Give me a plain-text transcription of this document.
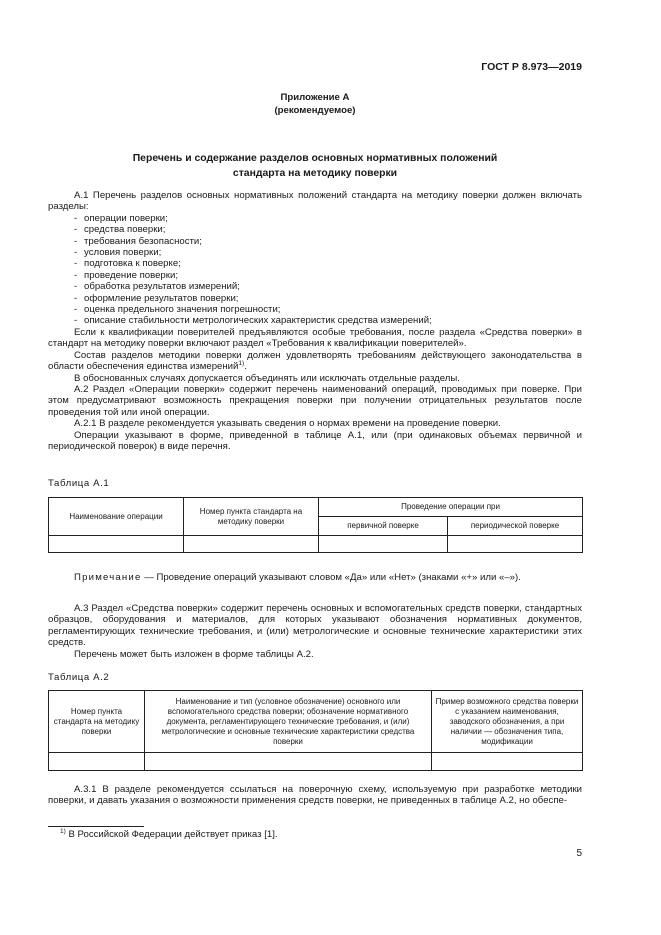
ГОСТ Р 8.973—2019
Приложение А
(рекомендуемое)
Перечень и содержание разделов основных нормативных положений
стандарта на методику поверки

А.1 Перечень разделов основных нормативных положений стандарта на методику поверки должен включать разделы:

- операции поверки;
- средства поверки;
- требования безопасности;
- условия поверки;
- подготовка к поверке;
- проведение поверки;
- обработка результатов измерений;
- оформление результатов поверки;
- оценка предельного значения погрешности;
- описание стабильности метрологических характеристик средства измерений;

Если к квалификации поверителей предъявляются особые требования, после раздела «Средства поверки» в стандарт на методику поверки включают раздел «Требования к квалификации поверителей».

Состав разделов методики поверки должен удовлетворять требованиям действующего законодательства в области обеспечения единства измерений$^{1)}$.

В обоснованных случаях допускается объединять или исключать отдельные разделы.

А.2 Раздел «Операции поверки» содержит перечень наименований операций, проводимых при поверке. При этом предусматривают возможность прекращения поверки при получении отрицательных результатов после проведения той или иной операции.

А.2.1 В разделе рекомендуется указывать сведения о нормах времени на проведение поверки.

Операции указывают в форме, приведенной в таблице А.1, или (при одинаковых объемах первичной и периодической поверок) в виде перечня.

Таблица А.1
Наименование операции	Номер пункта стандарта на методику поверки	Проведение операции при	
		первичной поверке	периодической поверке

Примечание — Проведение операций указывают словом «Да» или «Нет» (знаками «+» или «–»).

А.3 Раздел «Средства поверки» содержит перечень основных и вспомогательных средств поверки, стандартных образцов, оборудования и материалов, для которых указывают обозначения нормативных документов, регламентирующих технические требования, и (или) метрологические и основные технические характеристики этих средств.

Перечень может быть изложен в форме таблицы А.2.

Таблица А.2
Номер пункта стандарта на методику поверки	Наименование и тип (условное обозначение) основного или вспомогательного средства поверки; обозначение нормативного документа, регламентирующего технические требования, и (или) метрологические и основные технические характеристики средства поверки	Пример возможного средства поверки с указанием наименования, заводского обозначения, а при наличии — обозначения типа, модификации

А.3.1 В разделе рекомендуется ссылаться на поверочную схему, используемую при разработке методики поверки, и давать указания о возможности применения средств поверки, не приведенных в таблице А.2, но обеспе-

$^{1)}$ В Российской Федерации действует приказ [1].
5
